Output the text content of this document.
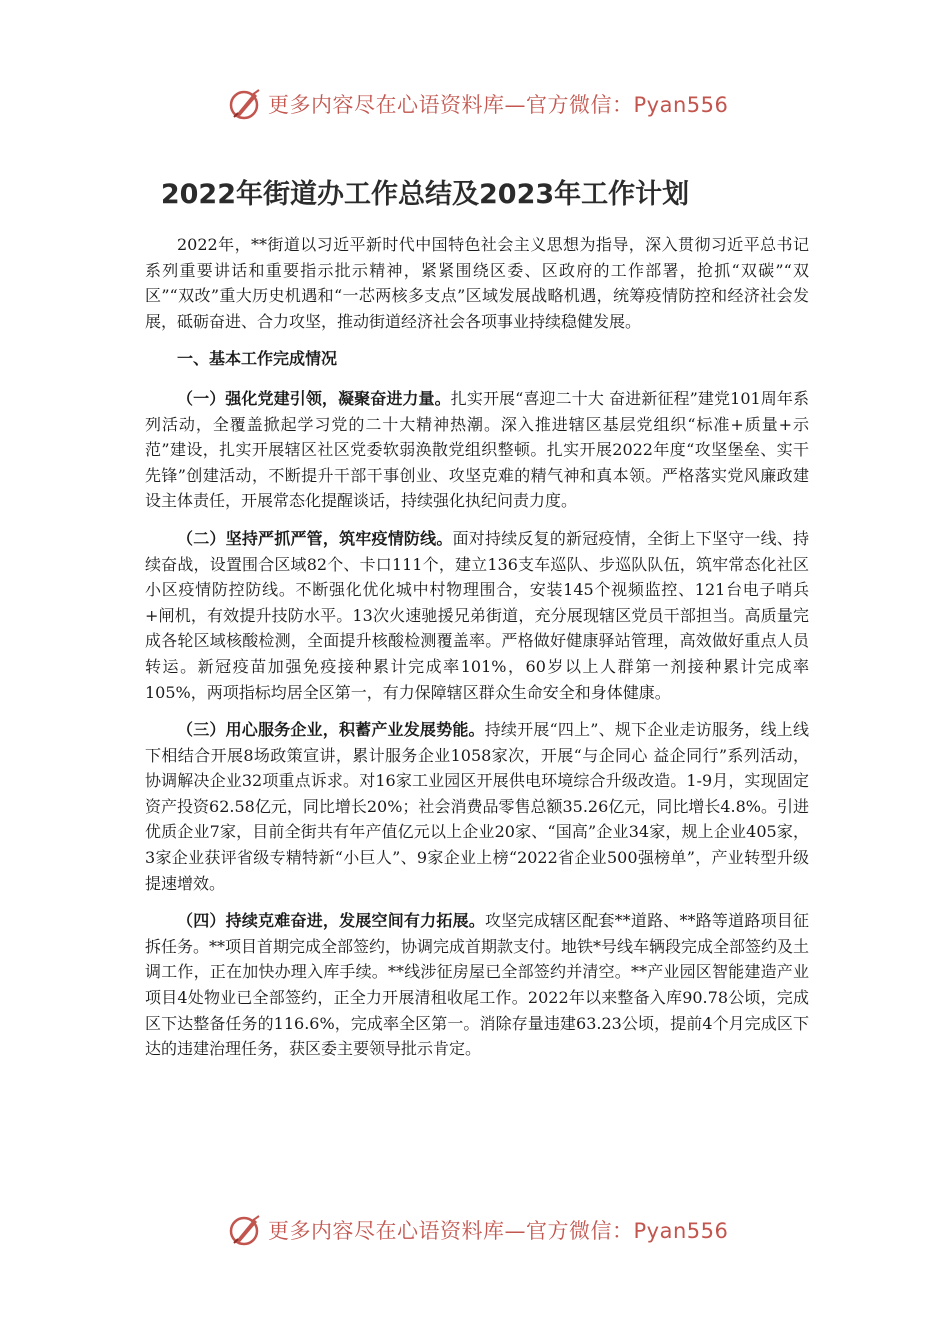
更多内容尽在心语资料库—官方微信：Pyan556
2022年街道办工作总结及2023年工作计划

2022年，**街道以习近平新时代中国特色社会主义思想为指导，深入贯彻习近平总书记系列重要讲话和重要指示批示精神，紧紧围绕区委、区政府的工作部署，抢抓“双碳”“双区”“双改”重大历史机遇和“一芯两核多支点”区域发展战略机遇，统筹疫情防控和经济社会发展，砥砺奋进、合力攻坚，推动街道经济社会各项事业持续稳健发展。

一、基本工作完成情况

（一）强化党建引领，凝聚奋进力量。扎实开展“喜迎二十大 奋进新征程”建党101周年系列活动，全覆盖掀起学习党的二十大精神热潮。深入推进辖区基层党组织“标准+质量+示范”建设，扎实开展辖区社区党委软弱涣散党组织整顿。扎实开展2022年度“攻坚堡垒、实干先锋”创建活动，不断提升干部干事创业、攻坚克难的精气神和真本领。严格落实党风廉政建设主体责任，开展常态化提醒谈话，持续强化执纪问责力度。

（二）坚持严抓严管，筑牢疫情防线。面对持续反复的新冠疫情，全街上下坚守一线、持续奋战，设置围合区域82个、卡口111个，建立136支车巡队、步巡队队伍，筑牢常态化社区小区疫情防控防线。不断强化优化城中村物理围合，安装145个视频监控、121台电子哨兵+闸机，有效提升技防水平。13次火速驰援兄弟街道，充分展现辖区党员干部担当。高质量完成各轮区域核酸检测，全面提升核酸检测覆盖率。严格做好健康驿站管理，高效做好重点人员转运。新冠疫苗加强免疫接种累计完成率101%，60岁以上人群第一剂接种累计完成率105%，两项指标均居全区第一，有力保障辖区群众生命安全和身体健康。

（三）用心服务企业，积蓄产业发展势能。持续开展“四上”、规下企业走访服务，线上线下相结合开展8场政策宣讲，累计服务企业1058家次，开展“与企同心 益企同行”系列活动，协调解决企业32项重点诉求。对16家工业园区开展供电环境综合升级改造。1-9月，实现固定资产投资62.58亿元，同比增长20%；社会消费品零售总额35.26亿元，同比增长4.8%。引进优质企业7家，目前全街共有年产值亿元以上企业20家、“国高”企业34家，规上企业405家，3家企业获评省级专精特新“小巨人”、9家企业上榜“2022省企业500强榜单”，产业转型升级提速增效。

（四）持续克难奋进，发展空间有力拓展。攻坚完成辖区配套**道路、**路等道路项目征拆任务。**项目首期完成全部签约，协调完成首期款支付。地铁*号线车辆段完成全部签约及土调工作，正在加快办理入库手续。**线涉征房屋已全部签约并清空。**产业园区智能建造产业项目4处物业已全部签约，正全力开展清租收尾工作。2022年以来整备入库90.78公顷，完成区下达整备任务的116.6%，完成率全区第一。消除存量违建63.23公顷，提前4个月完成区下达的违建治理任务，获区委主要领导批示肯定。

更多内容尽在心语资料库—官方微信：Pyan556
